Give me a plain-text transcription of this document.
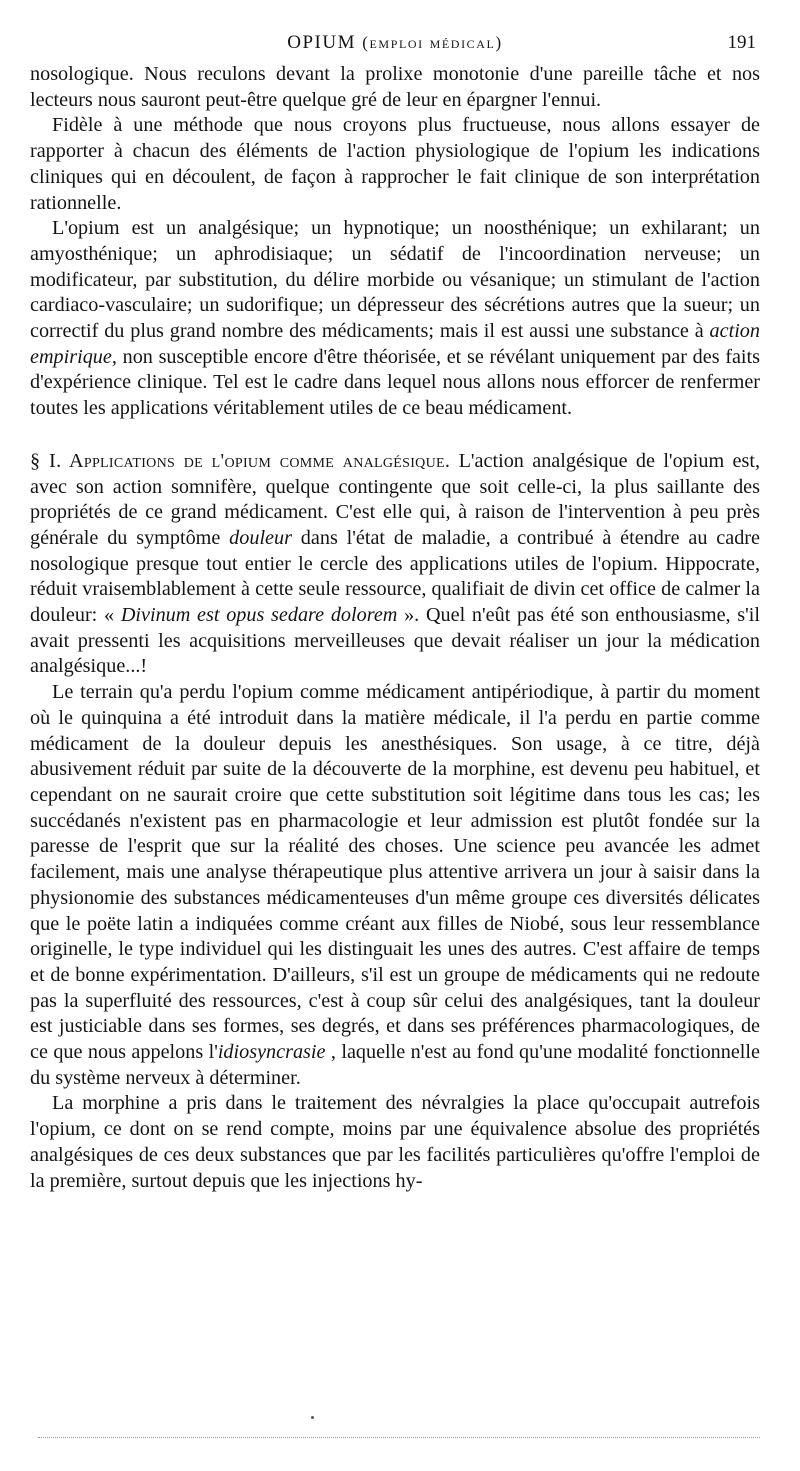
OPIUM (emploi médical)	191

nosologique. Nous reculons devant la prolixe monotonie d'une pareille tâche et nos lecteurs nous sauront peut-être quelque gré de leur en épargner l'ennui.

Fidèle à une méthode que nous croyons plus fructueuse, nous allons essayer de rapporter à chacun des éléments de l'action physiologique de l'opium les indications cliniques qui en découlent, de façon à rapprocher le fait clinique de son interprétation rationnelle.

L'opium est un analgésique; un hypnotique; un noosthénique; un exhilarant; un amyosthénique; un aphrodisiaque; un sédatif de l'incoordination nerveuse; un modificateur, par substitution, du délire morbide ou vésanique; un stimulant de l'action cardiaco-vasculaire; un sudorifique; un dépresseur des sécrétions autres que la sueur; un correctif du plus grand nombre des médicaments; mais il est aussi une substance à action empirique, non susceptible encore d'être théorisée, et se révélant uniquement par des faits d'expérience clinique. Tel est le cadre dans lequel nous allons nous efforcer de renfermer toutes les applications véritablement utiles de ce beau médicament.

§ I. Applications de l'opium comme analgésique. L'action analgésique de l'opium est, avec son action somnifère, quelque contingente que soit celle-ci, la plus saillante des propriétés de ce grand médicament. C'est elle qui, à raison de l'intervention à peu près générale du symptôme douleur dans l'état de maladie, a contribué à étendre au cadre nosologique presque tout entier le cercle des applications utiles de l'opium. Hippocrate, réduit vraisemblablement à cette seule ressource, qualifiait de divin cet office de calmer la douleur: « Divinum est opus sedare dolorem ». Quel n'eût pas été son enthousiasme, s'il avait pressenti les acquisitions merveilleuses que devait réaliser un jour la médication analgésique...!

Le terrain qu'a perdu l'opium comme médicament antipériodique, à partir du moment où le quinquina a été introduit dans la matière médicale, il l'a perdu en partie comme médicament de la douleur depuis les anesthésiques. Son usage, à ce titre, déjà abusivement réduit par suite de la découverte de la morphine, est devenu peu habituel, et cependant on ne saurait croire que cette substitution soit légitime dans tous les cas; les succédanés n'existent pas en pharmacologie et leur admission est plutôt fondée sur la paresse de l'esprit que sur la réalité des choses. Une science peu avancée les admet facilement, mais une analyse thérapeutique plus attentive arrivera un jour à saisir dans la physionomie des substances médicamenteuses d'un même groupe ces diversités délicates que le poëte latin a indiquées comme créant aux filles de Niobé, sous leur ressemblance originelle, le type individuel qui les distinguait les unes des autres. C'est affaire de temps et de bonne expérimentation. D'ailleurs, s'il est un groupe de médicaments qui ne redoute pas la superfluité des ressources, c'est à coup sûr celui des analgésiques, tant la douleur est justiciable dans ses formes, ses degrés, et dans ses préférences pharmacologiques, de ce que nous appelons l'idiosyncrasie , laquelle n'est au fond qu'une modalité fonctionnelle du système nerveux à déterminer.

La morphine a pris dans le traitement des névralgies la place qu'occupait autrefois l'opium, ce dont on se rend compte, moins par une équivalence absolue des propriétés analgésiques de ces deux substances que par les facilités particulières qu'offre l'emploi de la première, surtout depuis que les injections hy-
